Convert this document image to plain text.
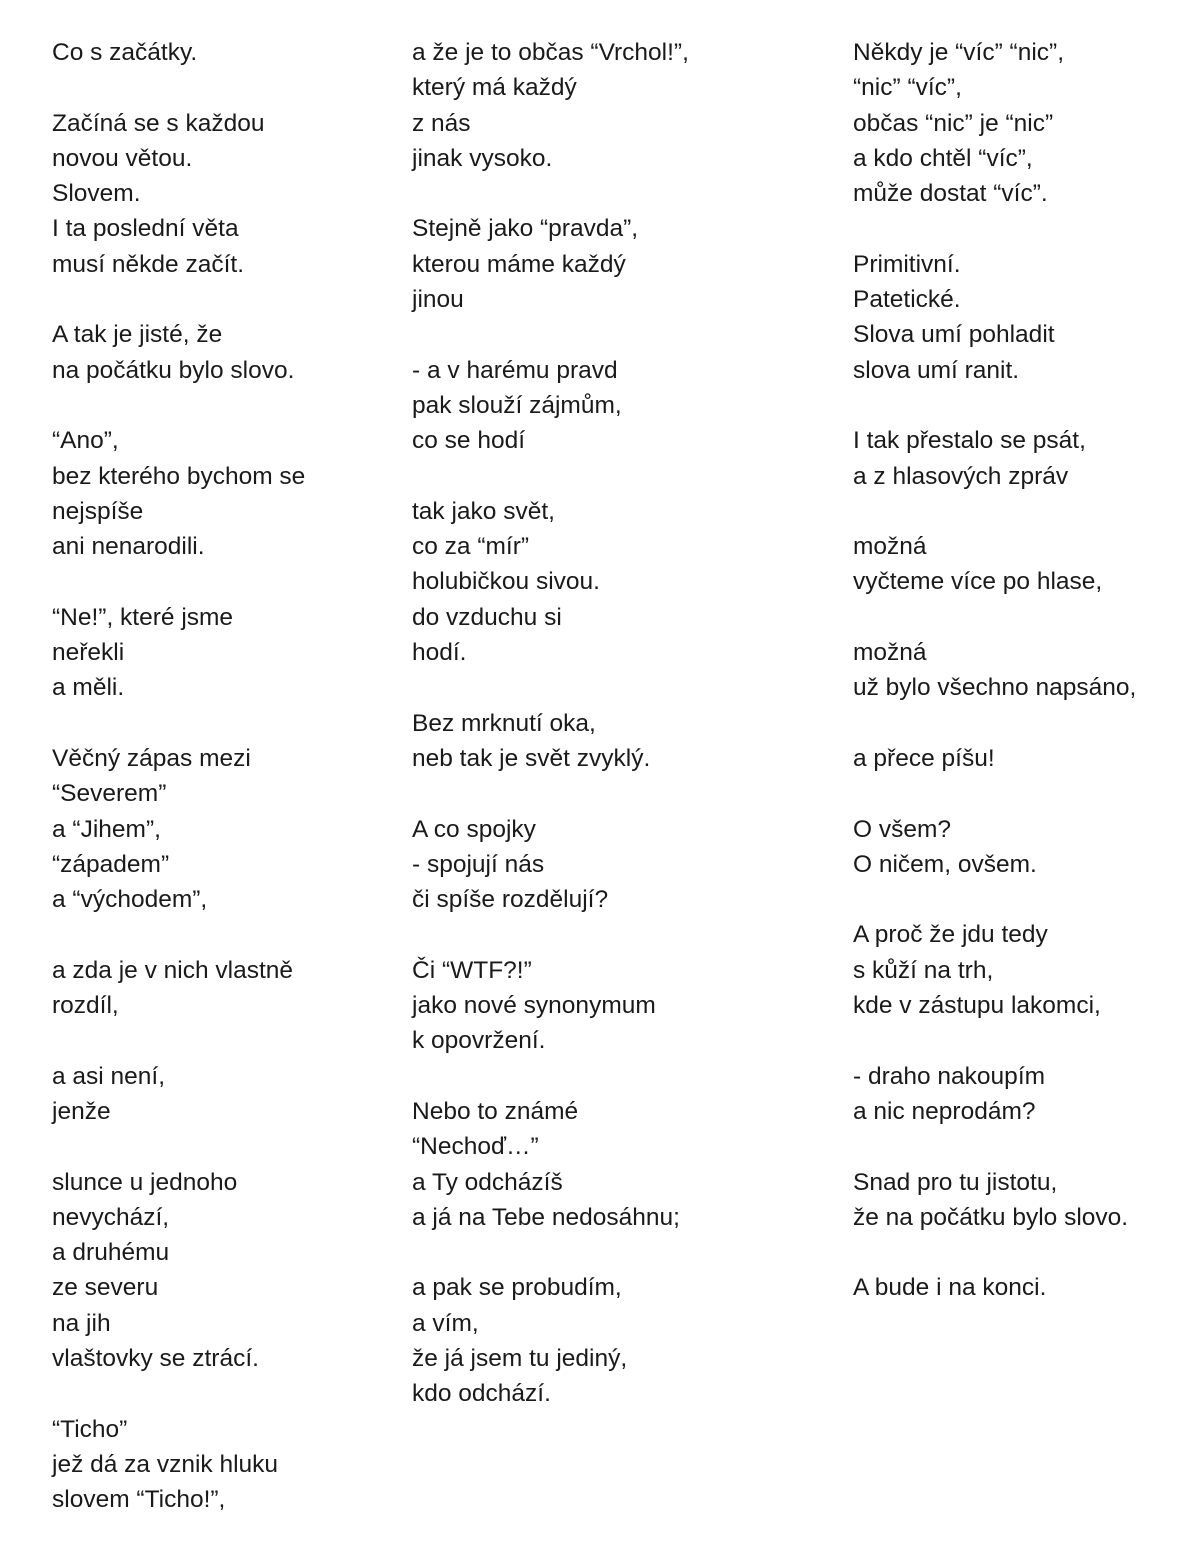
Co s začátky.
Začíná se s každou
novou větou.
Slovem.
I ta poslední věta
musí někde začít.
A tak je jisté, že
na počátku bylo slovo.
“Ano”,
bez kterého bychom se
nejspíše
ani nenarodili.
“Ne!”, které jsme
neřekli
a měli.
Věčný zápas mezi
“Severem”
a “Jihem”,
“západem”
a “východem”,
a zda je v nich vlastně
rozdíl,
a asi není,
jenže
slunce u jednoho
nevychází,
a druhému
ze severu
na jih
vlaštovky se ztrácí.
“Ticho”
jež dá za vznik hluku
slovem “Ticho!”,
a že je to občas “Vrchol!”,
který má každý
z nás
jinak vysoko.
Stejně jako “pravda”,
kterou máme každý
jinou
- a v harému pravd
pak slouží zájmům,
co se hodí
tak jako svět,
co za “mír”
holubičkou sivou.
do vzduchu si
hodí.
Bez mrknutí oka,
neb tak je svět zvyklý.
A co spojky
- spojují nás
či spíše rozdělují?
Či “WTF?!”
jako nové synonymum
k opovržení.
Nebo to známé
“Nechoď…”
a Ty odcházíš
a já na Tebe nedosáhnu;
a pak se probudím,
a vím,
že já jsem tu jediný,
kdo odchází.
Někdy je “víc” “nic”,
“nic” “víc”,
občas “nic” je “nic”
a kdo chtěl “víc”,
může dostat “víc”.
Primitivní.
Patetické.
Slova umí pohladit
slova umí ranit.
I tak přestalo se psát,
a z hlasových zpráv
možná
vyčteme více po hlase,
možná
už bylo všechno napsáno,
a přece píšu!
O všem?
O ničem, ovšem.
A proč že jdu tedy
s kůží na trh,
kde v zástupu lakomci,
- draho nakoupím
a nic neprodám?
Snad pro tu jistotu,
že na počátku bylo slovo.
A bude i na konci.
